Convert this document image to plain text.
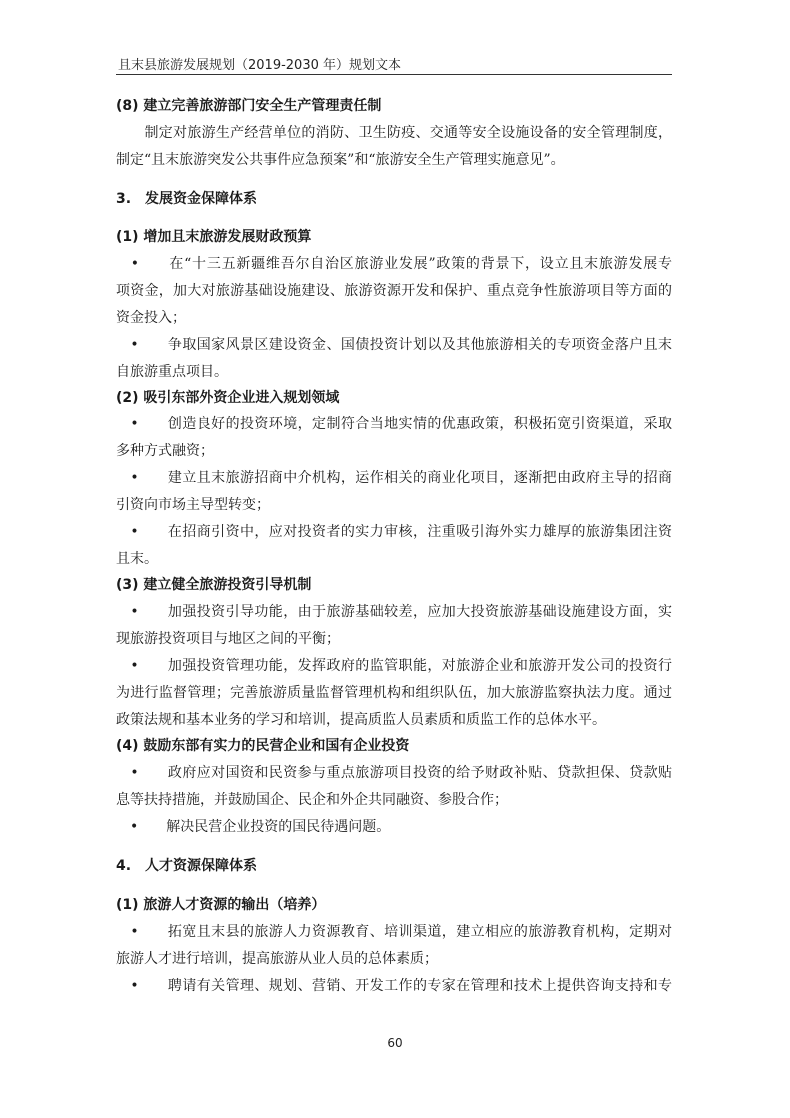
且末县旅游发展规划（2019-2030 年）规划文本
(8) 建立完善旅游部门安全生产管理责任制
　　制定对旅游生产经营单位的消防、卫生防疫、交通等安全设施设备的安全管理制度，
制定“且末旅游突发公共事件应急预案”和“旅游安全生产管理实施意见”。
3.　发展资金保障体系
(1) 增加且末旅游发展财政预算
　•　　在“十三五新疆维吾尔自治区旅游业发展”政策的背景下，设立且末旅游发展专
项资金，加大对旅游基础设施建设、旅游资源开发和保护、重点竞争性旅游项目等方面的
资金投入；
　•　　争取国家风景区建设资金、国债投资计划以及其他旅游相关的专项资金落户且末
自旅游重点项目。
(2) 吸引东部外资企业进入规划领域
　•　　创造良好的投资环境，定制符合当地实情的优惠政策，积极拓宽引资渠道，采取
多种方式融资；
　•　　建立且末旅游招商中介机构，运作相关的商业化项目，逐渐把由政府主导的招商
引资向市场主导型转变；
　•　　在招商引资中，应对投资者的实力审核，注重吸引海外实力雄厚的旅游集团注资
且末。
(3) 建立健全旅游投资引导机制
　•　　加强投资引导功能，由于旅游基础较差，应加大投资旅游基础设施建设方面，实
现旅游投资项目与地区之间的平衡；
　•　　加强投资管理功能，发挥政府的监管职能，对旅游企业和旅游开发公司的投资行
为进行监督管理；完善旅游质量监督管理机构和组织队伍，加大旅游监察执法力度。通过
政策法规和基本业务的学习和培训，提高质监人员素质和质监工作的总体水平。
(4) 鼓励东部有实力的民营企业和国有企业投资
　•　　政府应对国资和民资参与重点旅游项目投资的给予财政补贴、贷款担保、贷款贴
息等扶持措施，并鼓励国企、民企和外企共同融资、参股合作；
　•　　解决民营企业投资的国民待遇问题。
4.　人才资源保障体系
(1) 旅游人才资源的输出（培养）
　•　　拓宽且末县的旅游人力资源教育、培训渠道，建立相应的旅游教育机构，定期对
旅游人才进行培训，提高旅游从业人员的总体素质；
　•　　聘请有关管理、规划、营销、开发工作的专家在管理和技术上提供咨询支持和专
60
